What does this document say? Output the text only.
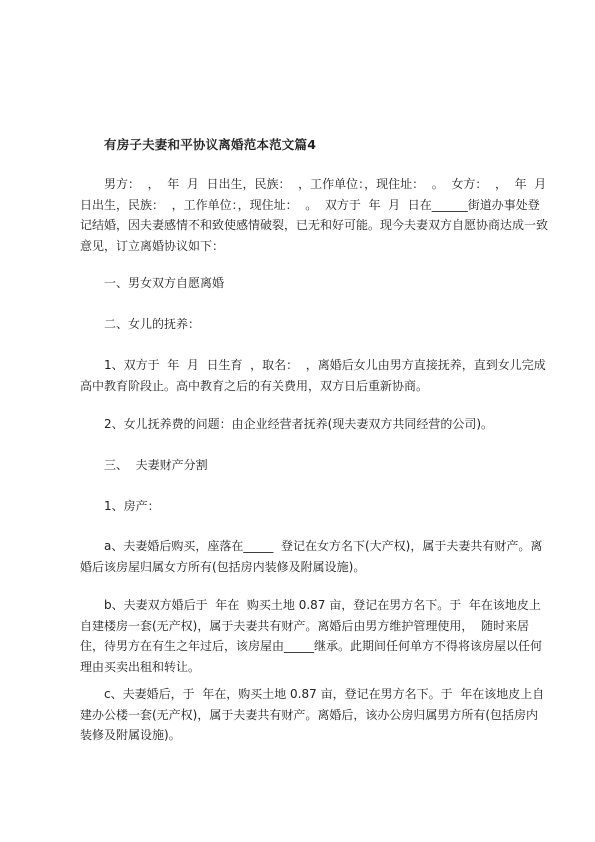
有房子夫妻和平协议离婚范本范文篇4

男方：  ，  年  月  日出生，民族：  ，工作单位：，现住址：  。  女方：  ，  年  月  日出生，民族：  ，工作单位：，现住址：  。  双方于  年  月  日在______街道办事处登记结婚，因夫妻感情不和致使感情破裂，已无和好可能。现今夫妻双方自愿协商达成一致意见，订立离婚协议如下：

一、男女双方自愿离婚

二、女儿的抚养：

1、双方于  年  月  日生育  ，取名：  ，离婚后女儿由男方直接抚养，直到女儿完成高中教育阶段止。高中教育之后的有关费用，双方日后重新协商。

2、女儿抚养费的问题：由企业经营者抚养(现夫妻双方共同经营的公司)。

三、  夫妻财产分割

1、房产：

a、夫妻婚后购买，座落在_____  登记在女方名下(大产权)，属于夫妻共有财产。离婚后该房屋归属女方所有(包括房内装修及附属设施)。

b、夫妻双方婚后于  年在  购买土地 0.87 亩，登记在男方名下。于  年在该地皮上自建楼房一套(无产权)，属于夫妻共有财产。离婚后由男方维护管理使用，  随时来居住，待男方在有生之年过后，该房屋由_____继承。此期间任何单方不得将该房屋以任何理由买卖出租和转让。

c、夫妻婚后，于  年在，购买土地 0.87 亩，登记在男方名下。于  年在该地皮上自建办公楼一套(无产权)，属于夫妻共有财产。离婚后，该办公房归属男方所有(包括房内装修及附属设施)。
